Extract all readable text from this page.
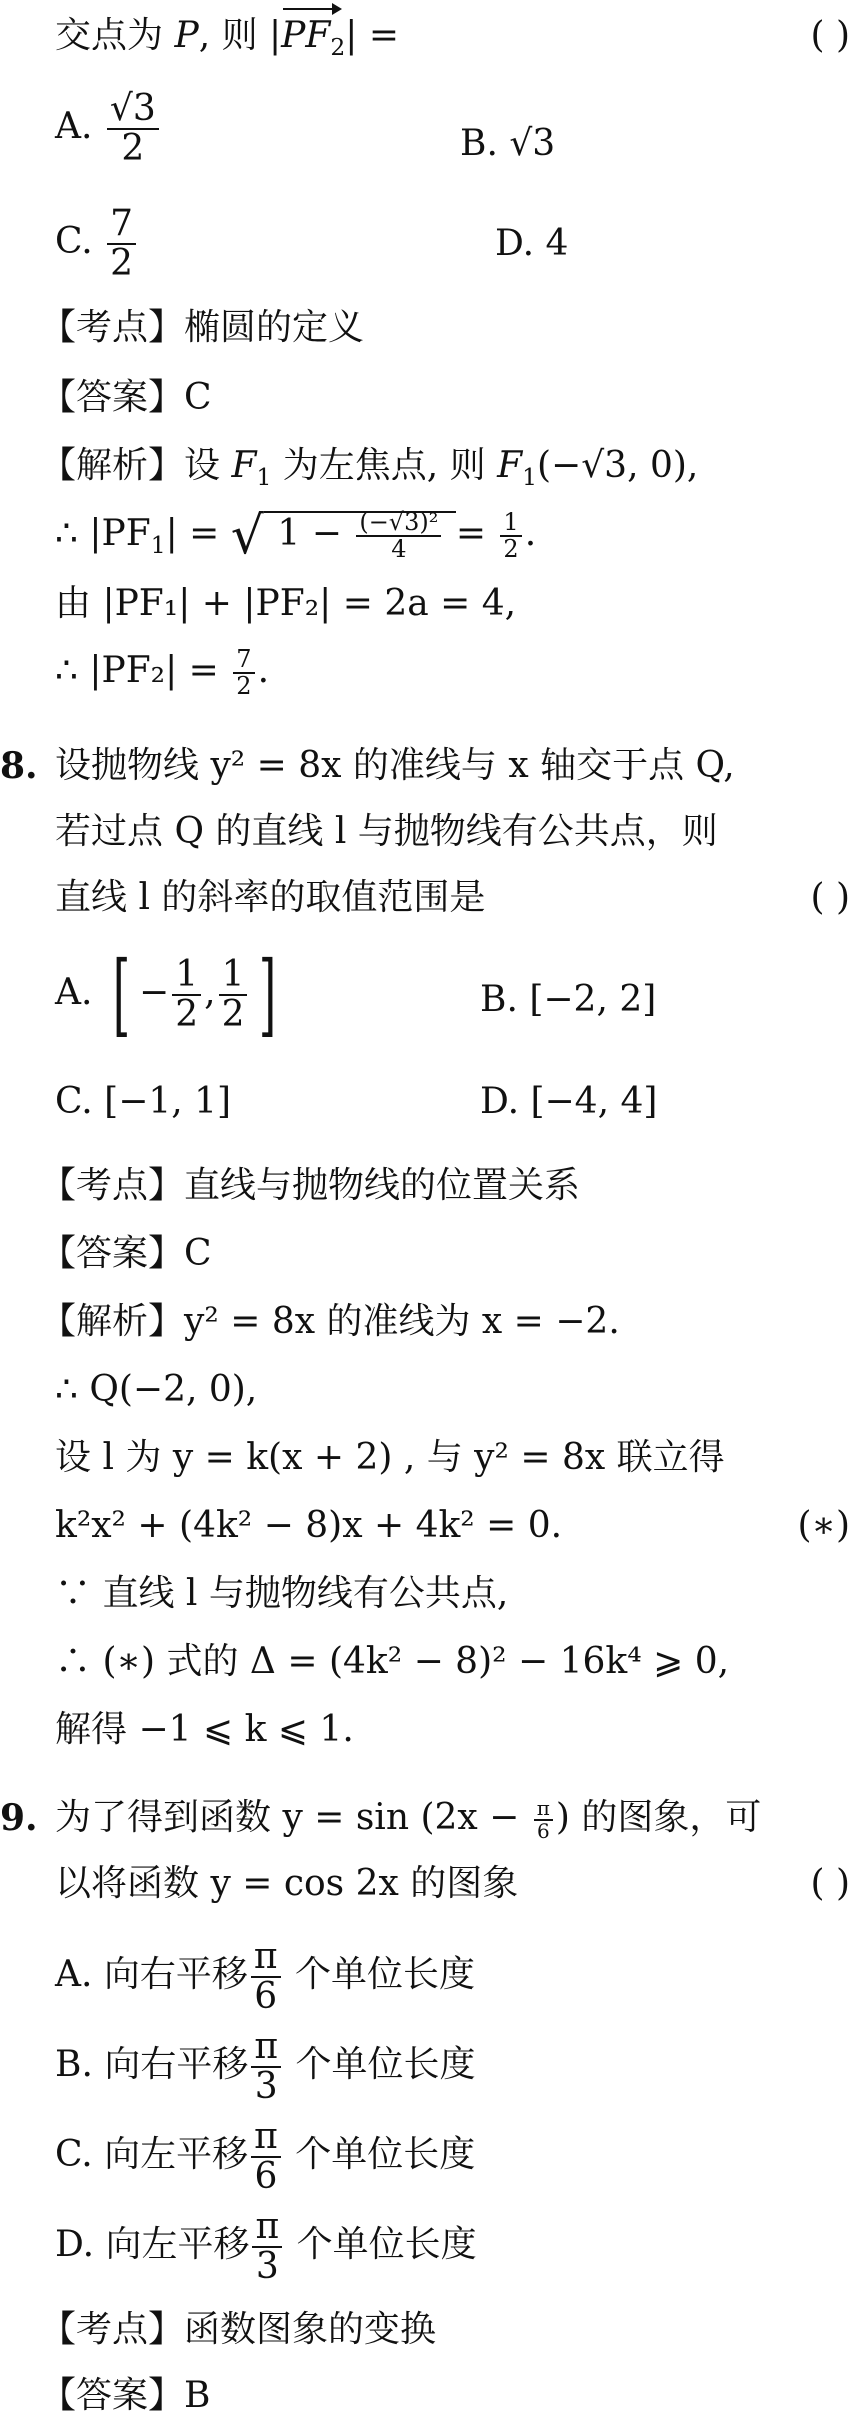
交点为 P, 则 $|PF_2|$ =	( )
A. $\frac{√3}{2}$	B. √3
C. $\frac{7}{2}$	D. 4
【考点】椭圆的定义
【答案】C
【解析】设 $F_1$ 为左焦点, 则 $F_1(-√3$, 0),
∴ $|PF_1|$ = √ $1 - \frac{\text{(−√3)²}}{4} = \frac{1}{2}$ .
由 |PF₁| + |PF₂| = 2a = 4,
∴ $|PF_2| = \frac{7}{2}$ .
8. 设抛物线 y² = 8x 的准线与 x 轴交于点 Q,
若过点 Q 的直线 l 与抛物线有公共点，则
直线 l 的斜率的取值范围是	( )
A. [ − $\frac{1}{2}$ , $\frac{1}{2}$ ]	B. [−2, 2]
C. [−1, 1]	D. [−4, 4]
【考点】直线与抛物线的位置关系
【答案】C
【解析】y² = 8x 的准线为 x = −2.
∴ Q(−2, 0),
设 l 为 y = k(x + 2) , 与 y² = 8x 联立得
k²x² + (4k² − 8)x + 4k² = 0.	(∗)
∵ 直线 l 与抛物线有公共点,
∴ (∗) 式的 Δ = (4k² − 8)² − 16k⁴ ⩾ 0,
解得 −1 ⩽ k ⩽ 1.
9. 为了得到函数 $y = \sin (2x - \frac{\pi}{6}$ ) 的图象，可
以将函数 y = cos 2x 的图象	( )
A. 向右平移 $\frac{\pi}{6}$ 个单位长度
B. 向右平移 $\frac{\pi}{3}$ 个单位长度
C. 向左平移 $\frac{\pi}{6}$ 个单位长度
D. 向左平移 $\frac{\pi}{3}$ 个单位长度
【考点】函数图象的变换
【答案】B
